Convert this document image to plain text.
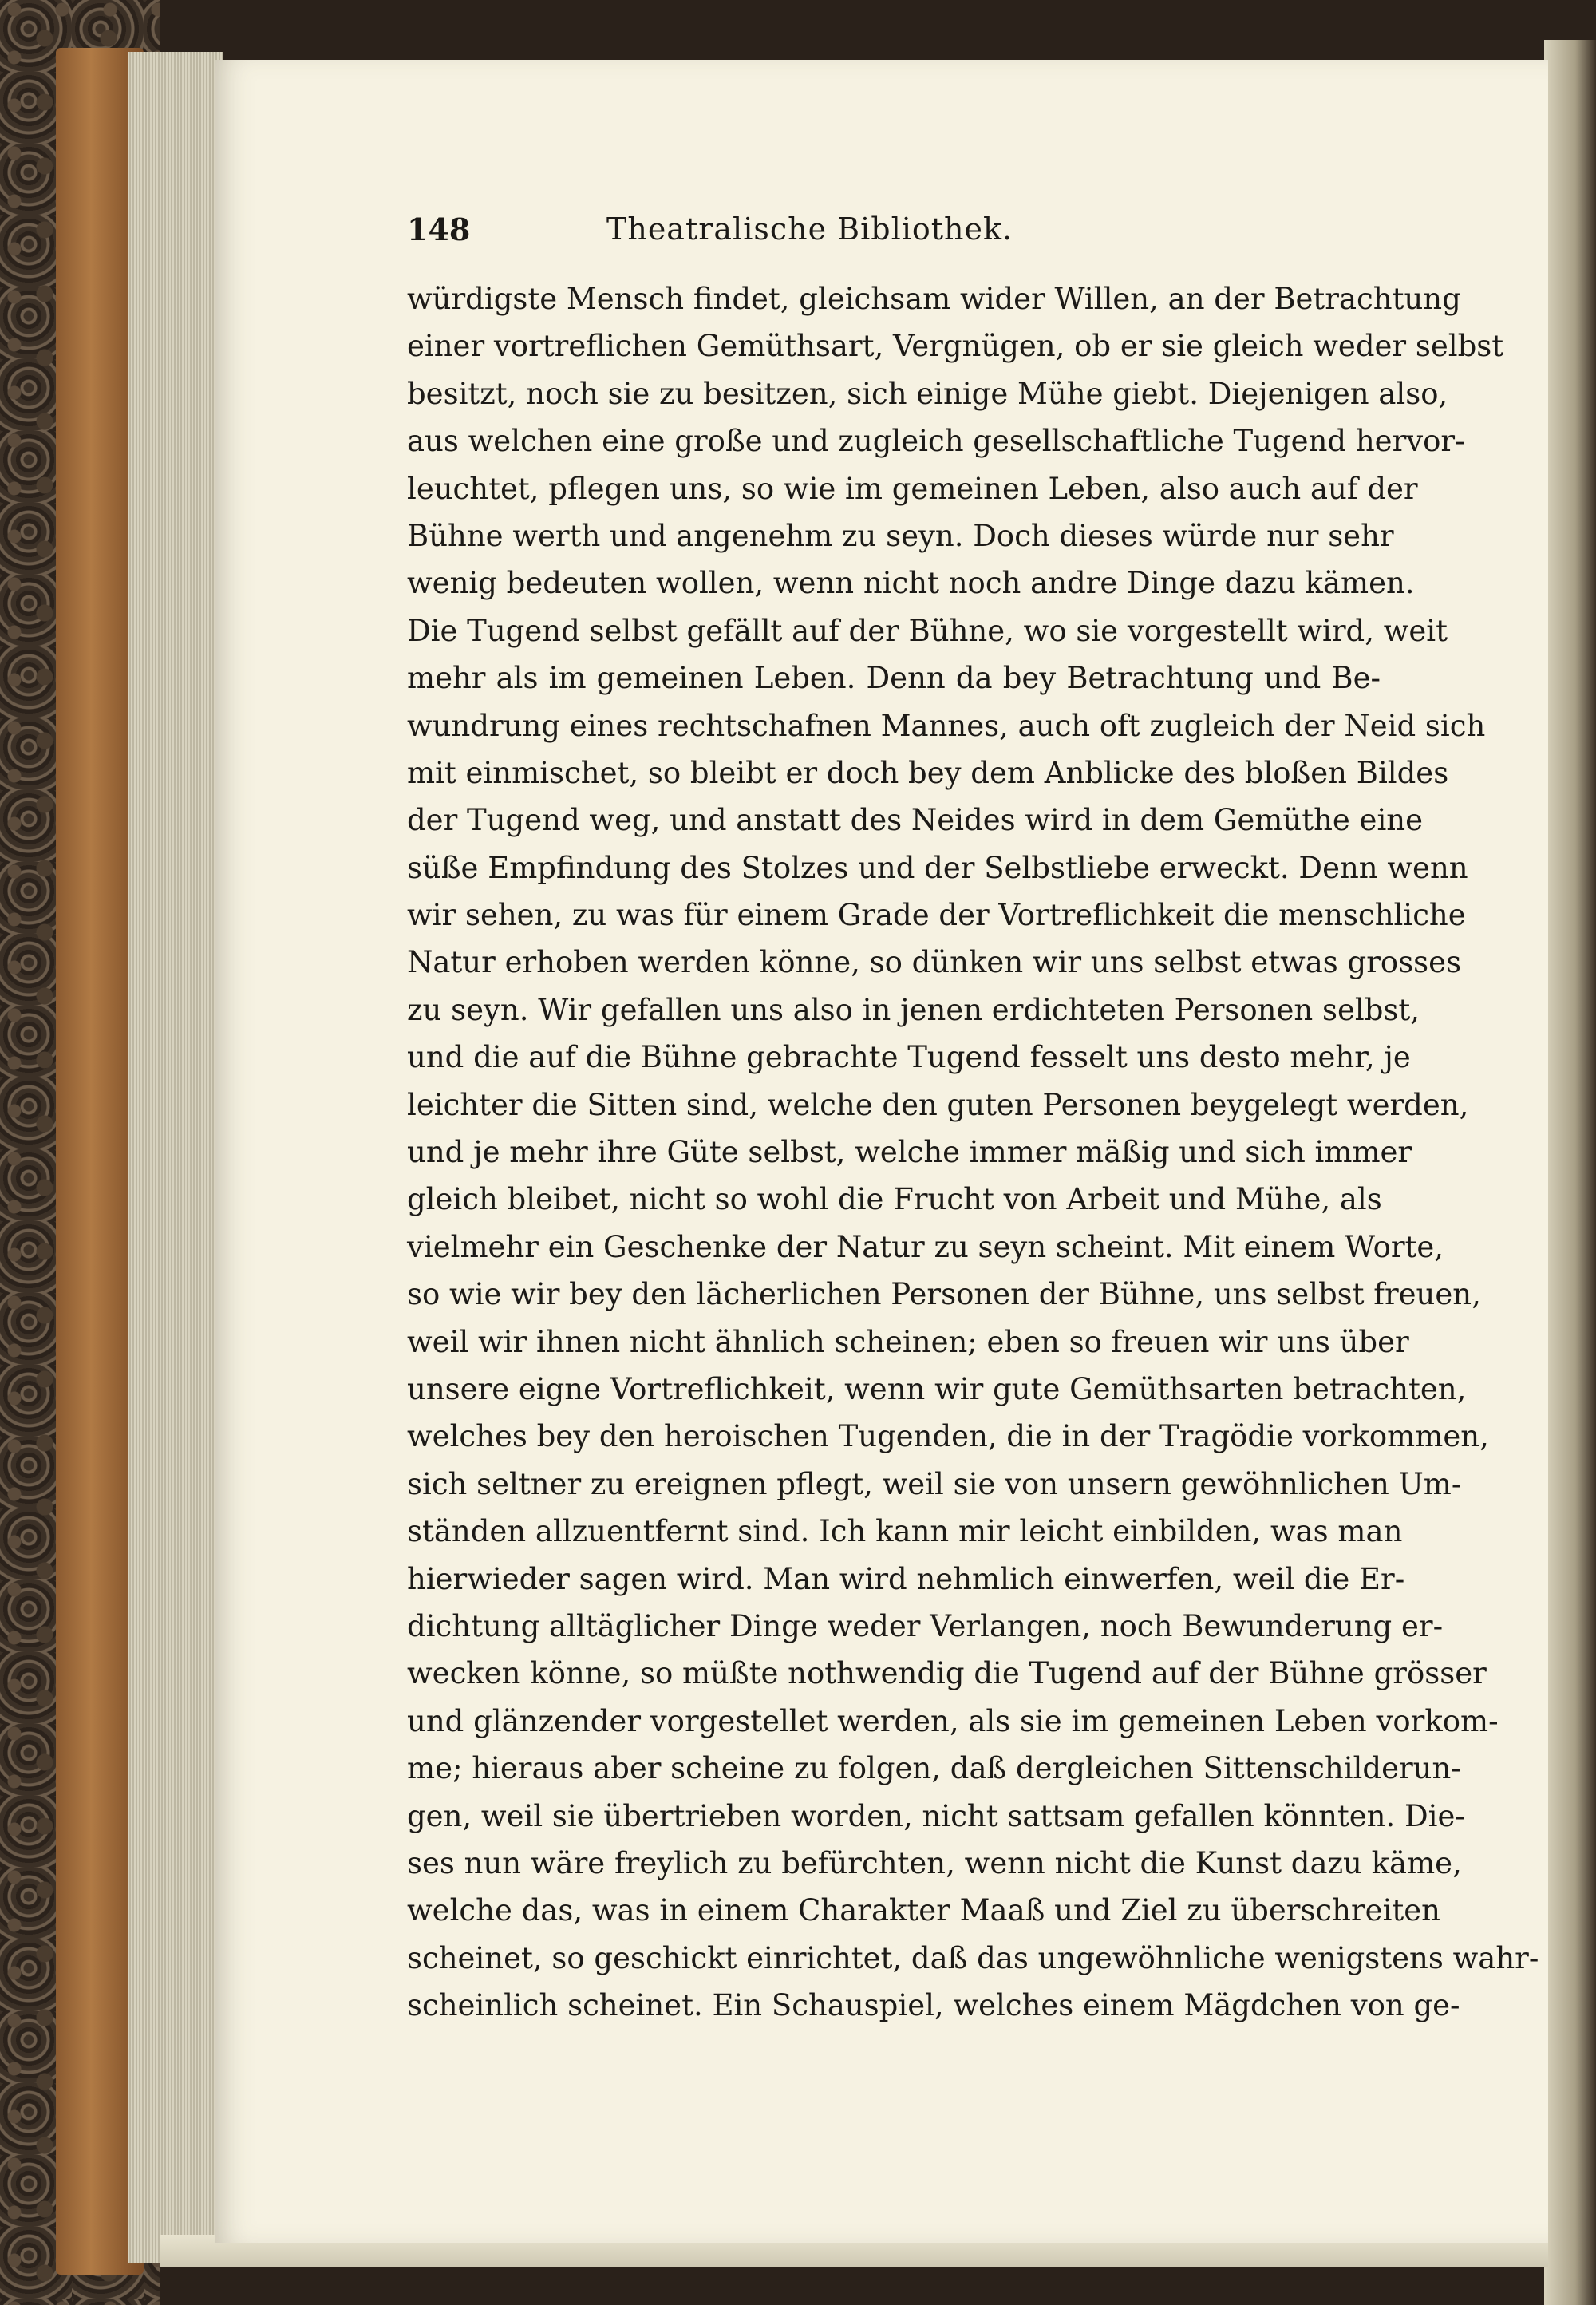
148	Theatralische Bibliothek.
würdigste Mensch findet, gleichsam wider Willen, an der Betrachtung
einer vortreflichen Gemüthsart, Vergnügen, ob er sie gleich weder selbst
besitzt, noch sie zu besitzen, sich einige Mühe giebt. Diejenigen also,
aus welchen eine große und zugleich gesellschaftliche Tugend hervor-
leuchtet, pflegen uns, so wie im gemeinen Leben, also auch auf der
Bühne werth und angenehm zu seyn. Doch dieses würde nur sehr
wenig bedeuten wollen, wenn nicht noch andre Dinge dazu kämen.
Die Tugend selbst gefällt auf der Bühne, wo sie vorgestellt wird, weit
mehr als im gemeinen Leben. Denn da bey Betrachtung und Be-
wundrung eines rechtschafnen Mannes, auch oft zugleich der Neid sich
mit einmischet, so bleibt er doch bey dem Anblicke des bloßen Bildes
der Tugend weg, und anstatt des Neides wird in dem Gemüthe eine
süße Empfindung des Stolzes und der Selbstliebe erweckt. Denn wenn
wir sehen, zu was für einem Grade der Vortreflichkeit die menschliche
Natur erhoben werden könne, so dünken wir uns selbst etwas grosses
zu seyn. Wir gefallen uns also in jenen erdichteten Personen selbst,
und die auf die Bühne gebrachte Tugend fesselt uns desto mehr, je
leichter die Sitten sind, welche den guten Personen beygelegt werden,
und je mehr ihre Güte selbst, welche immer mäßig und sich immer
gleich bleibet, nicht so wohl die Frucht von Arbeit und Mühe, als
vielmehr ein Geschenke der Natur zu seyn scheint. Mit einem Worte,
so wie wir bey den lächerlichen Personen der Bühne, uns selbst freuen,
weil wir ihnen nicht ähnlich scheinen; eben so freuen wir uns über
unsere eigne Vortreflichkeit, wenn wir gute Gemüthsarten betrachten,
welches bey den heroischen Tugenden, die in der Tragödie vorkommen,
sich seltner zu ereignen pflegt, weil sie von unsern gewöhnlichen Um-
ständen allzuentfernt sind. Ich kann mir leicht einbilden, was man
hierwieder sagen wird. Man wird nehmlich einwerfen, weil die Er-
dichtung alltäglicher Dinge weder Verlangen, noch Bewunderung er-
wecken könne, so müßte nothwendig die Tugend auf der Bühne grösser
und glänzender vorgestellet werden, als sie im gemeinen Leben vorkom-
me; hieraus aber scheine zu folgen, daß dergleichen Sittenschilderun-
gen, weil sie übertrieben worden, nicht sattsam gefallen könnten. Die-
ses nun wäre freylich zu befürchten, wenn nicht die Kunst dazu käme,
welche das, was in einem Charakter Maaß und Ziel zu überschreiten
scheinet, so geschickt einrichtet, daß das ungewöhnliche wenigstens wahr-
scheinlich scheinet. Ein Schauspiel, welches einem Mägdchen von ge-
